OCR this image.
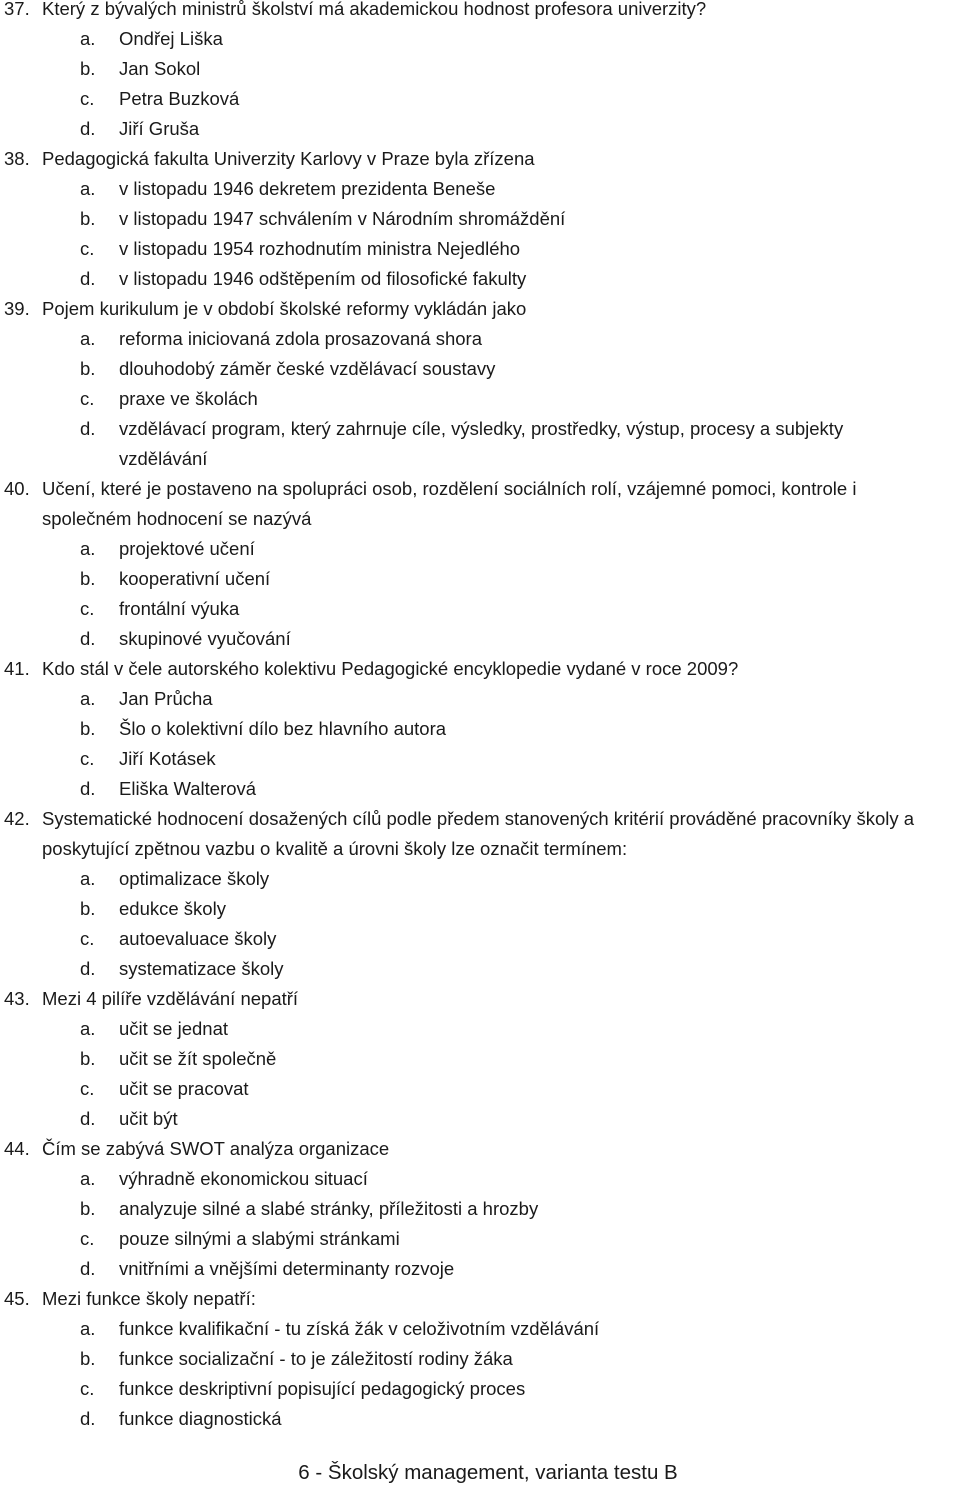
37. Který z bývalých ministrů školství má akademickou hodnost profesora univerzity?
a. Ondřej Liška
b. Jan Sokol
c. Petra Buzková
d. Jiří Gruša
38. Pedagogická fakulta Univerzity Karlovy v Praze byla zřízena
a. v listopadu 1946 dekretem prezidenta Beneše
b. v listopadu 1947 schválením v Národním shromáždění
c. v listopadu 1954 rozhodnutím ministra Nejedlého
d. v listopadu 1946 odštěpením od filosofické fakulty
39. Pojem kurikulum je v období školské reformy vykládán jako
a. reforma iniciovaná zdola prosazovaná shora
b. dlouhodobý záměr české vzdělávací soustavy
c. praxe ve školách
d. vzdělávací program, který zahrnuje cíle, výsledky, prostředky, výstup, procesy a subjekty
vzdělávání
40. Učení, které je postaveno na spolupráci osob, rozdělení sociálních rolí, vzájemné pomoci, kontrole i
společném hodnocení se nazývá
a. projektové učení
b. kooperativní učení
c. frontální výuka
d. skupinové vyučování
41. Kdo stál v čele autorského kolektivu Pedagogické encyklopedie vydané v roce 2009?
a. Jan Průcha
b. Šlo o kolektivní dílo bez hlavního autora
c. Jiří Kotásek
d. Eliška Walterová
42. Systematické hodnocení dosažených cílů podle předem stanovených kritérií prováděné pracovníky školy a
poskytující zpětnou vazbu o kvalitě a úrovni školy lze označit termínem:
a. optimalizace školy
b. edukce školy
c. autoevaluace školy
d. systematizace školy
43. Mezi 4 pilíře vzdělávání nepatří
a. učit se jednat
b. učit se žít společně
c. učit se pracovat
d. učit být
44. Čím se zabývá SWOT analýza organizace
a. výhradně ekonomickou situací
b. analyzuje silné a slabé stránky, příležitosti a hrozby
c. pouze silnými a slabými stránkami
d. vnitřními a vnějšími determinanty rozvoje
45. Mezi funkce školy nepatří:
a. funkce kvalifikační - tu získá žák v celoživotním vzdělávání
b. funkce socializační - to je záležitostí rodiny žáka
c. funkce deskriptivní popisující pedagogický proces
d. funkce diagnostická
6 - Školský management, varianta testu B
